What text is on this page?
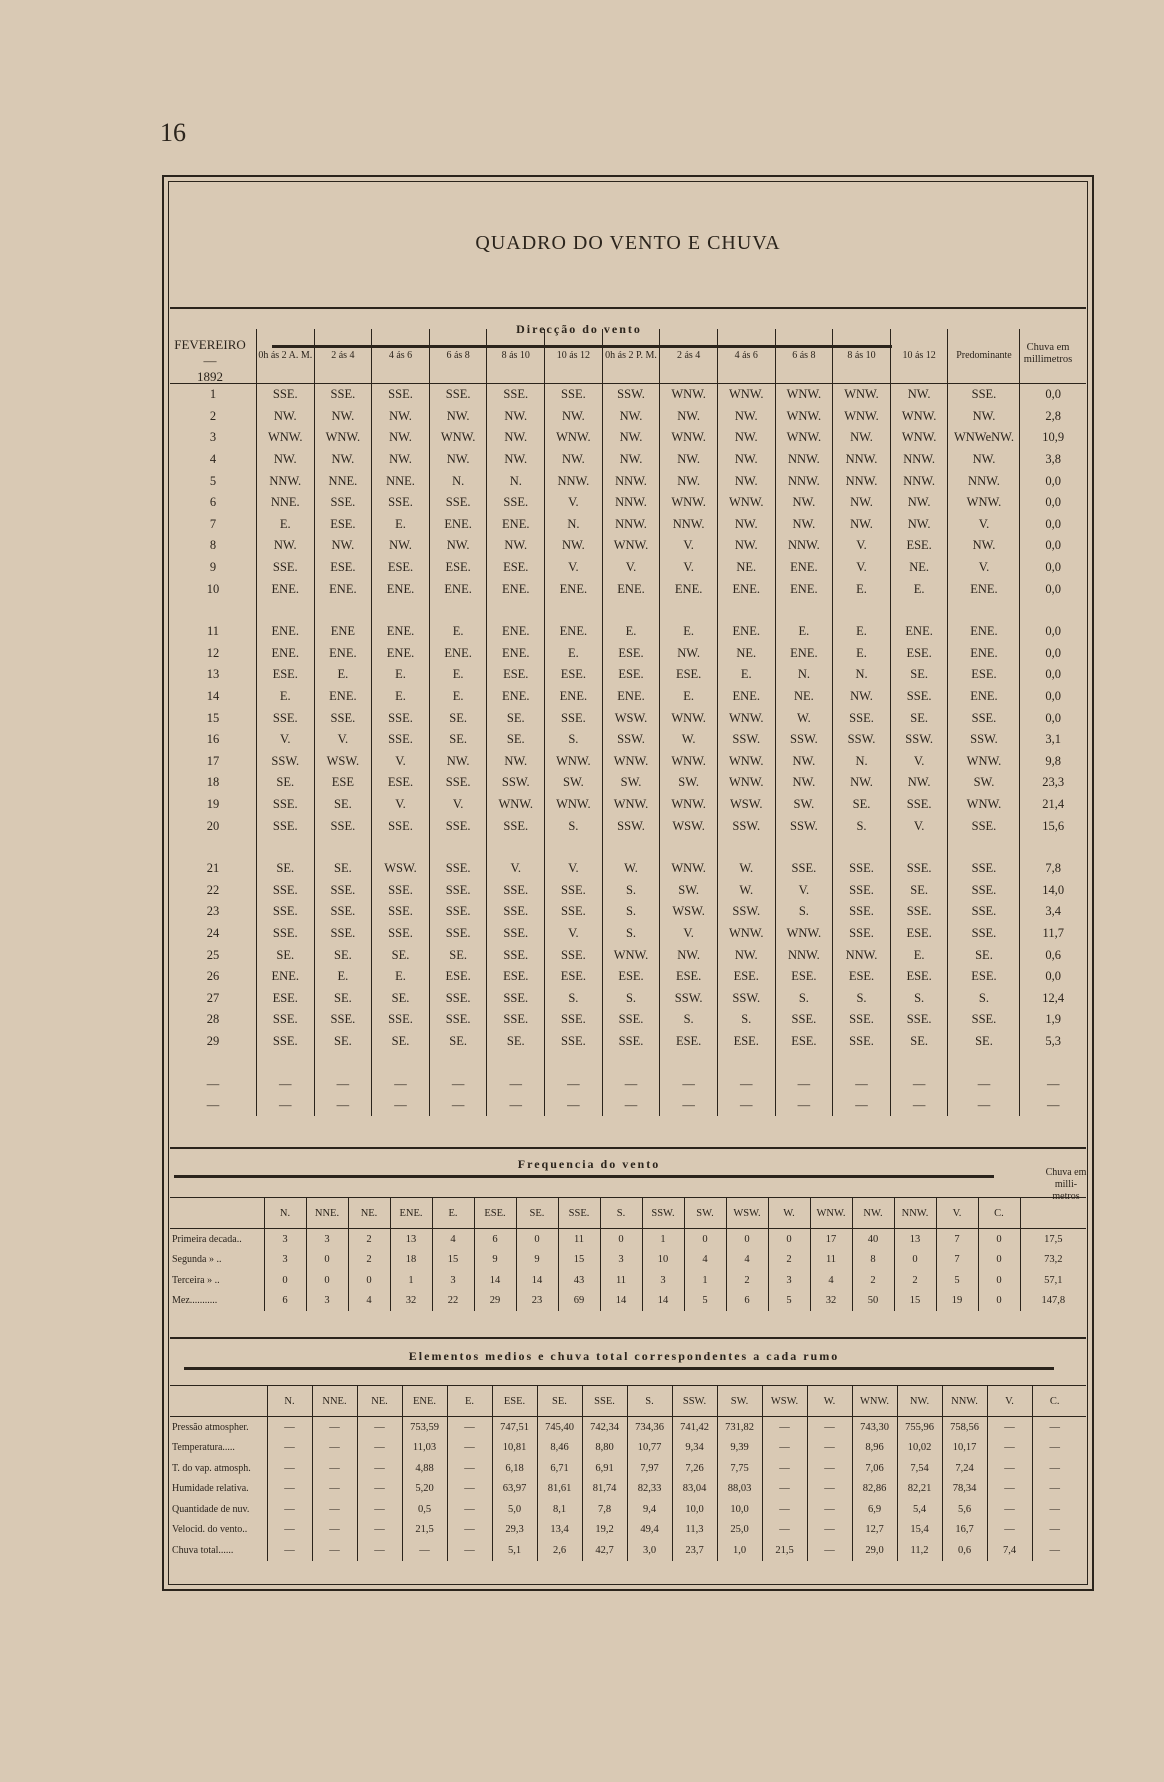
16
QUADRO DO VENTO E CHUVA
FEVEREIRO
—
1892
Direcção do vento
Chuva em millimetros
	0h ás 2 A. M.	2 ás 4	4 ás 6	6 ás 8	8 ás 10	10 ás 12	0h ás 2 P. M.	2 ás 4	4 ás 6	6 ás 8	8 ás 10	10 ás 12	Predominante	
1	SSE.	SSE.	SSE.	SSE.	SSE.	SSE.	SSW.	WNW.	WNW.	WNW.	WNW.	NW.	SSE.	0,0
2	NW.	NW.	NW.	NW.	NW.	NW.	NW.	NW.	NW.	WNW.	WNW.	WNW.	NW.	2,8
3	WNW.	WNW.	NW.	WNW.	NW.	WNW.	NW.	WNW.	NW.	WNW.	NW.	WNW.	WNWeNW.	10,9
4	NW.	NW.	NW.	NW.	NW.	NW.	NW.	NW.	NW.	NNW.	NNW.	NNW.	NW.	3,8
5	NNW.	NNE.	NNE.	N.	N.	NNW.	NNW.	NW.	NW.	NNW.	NNW.	NNW.	NNW.	0,0
6	NNE.	SSE.	SSE.	SSE.	SSE.	V.	NNW.	WNW.	WNW.	NW.	NW.	NW.	WNW.	0,0
7	E.	ESE.	E.	ENE.	ENE.	N.	NNW.	NNW.	NW.	NW.	NW.	NW.	V.	0,0
8	NW.	NW.	NW.	NW.	NW.	NW.	WNW.	V.	NW.	NNW.	V.	ESE.	NW.	0,0
9	SSE.	ESE.	ESE.	ESE.	ESE.	V.	V.	V.	NE.	ENE.	V.	NE.	V.	0,0
10	ENE.	ENE.	ENE.	ENE.	ENE.	ENE.	ENE.	ENE.	ENE.	ENE.	E.	E.	ENE.	0,0

11	ENE.	ENE	ENE.	E.	ENE.	ENE.	E.	E.	ENE.	E.	E.	ENE.	ENE.	0,0
12	ENE.	ENE.	ENE.	ENE.	ENE.	E.	ESE.	NW.	NE.	ENE.	E.	ESE.	ENE.	0,0
13	ESE.	E.	E.	E.	ESE.	ESE.	ESE.	ESE.	E.	N.	N.	SE.	ESE.	0,0
14	E.	ENE.	E.	E.	ENE.	ENE.	ENE.	E.	ENE.	NE.	NW.	SSE.	ENE.	0,0
15	SSE.	SSE.	SSE.	SE.	SE.	SSE.	WSW.	WNW.	WNW.	W.	SSE.	SE.	SSE.	0,0
16	V.	V.	SSE.	SE.	SE.	S.	SSW.	W.	SSW.	SSW.	SSW.	SSW.	SSW.	3,1
17	SSW.	WSW.	V.	NW.	NW.	WNW.	WNW.	WNW.	WNW.	NW.	N.	V.	WNW.	9,8
18	SE.	ESE	ESE.	SSE.	SSW.	SW.	SW.	SW.	WNW.	NW.	NW.	NW.	SW.	23,3
19	SSE.	SE.	V.	V.	WNW.	WNW.	WNW.	WNW.	WSW.	SW.	SE.	SSE.	WNW.	21,4
20	SSE.	SSE.	SSE.	SSE.	SSE.	S.	SSW.	WSW.	SSW.	SSW.	S.	V.	SSE.	15,6

21	SE.	SE.	WSW.	SSE.	V.	V.	W.	WNW.	W.	SSE.	SSE.	SSE.	SSE.	7,8
22	SSE.	SSE.	SSE.	SSE.	SSE.	SSE.	S.	SW.	W.	V.	SSE.	SE.	SSE.	14,0
23	SSE.	SSE.	SSE.	SSE.	SSE.	SSE.	S.	WSW.	SSW.	S.	SSE.	SSE.	SSE.	3,4
24	SSE.	SSE.	SSE.	SSE.	SSE.	V.	S.	V.	WNW.	WNW.	SSE.	ESE.	SSE.	11,7
25	SE.	SE.	SE.	SE.	SSE.	SSE.	WNW.	NW.	NW.	NNW.	NNW.	E.	SE.	0,6
26	ENE.	E.	E.	ESE.	ESE.	ESE.	ESE.	ESE.	ESE.	ESE.	ESE.	ESE.	ESE.	0,0
27	ESE.	SE.	SE.	SSE.	SSE.	S.	S.	SSW.	SSW.	S.	S.	S.	S.	12,4
28	SSE.	SSE.	SSE.	SSE.	SSE.	SSE.	SSE.	S.	S.	SSE.	SSE.	SSE.	SSE.	1,9
29	SSE.	SE.	SE.	SE.	SE.	SSE.	SSE.	ESE.	ESE.	ESE.	SSE.	SE.	SE.	5,3

—	—	—	—	—	—	—	—	—	—	—	—	—	—	—
—	—	—	—	—	—	—	—	—	—	—	—	—	—	—
Frequencia do vento
Chuva em milli- metros
	N.	NNE.	NE.	ENE.	E.	ESE.	SE.	SSE.	S.	SSW.	SW.	WSW.	W.	WNW.	NW.	NNW.	V.	C.	
Primeira decada..	3	3	2	13	4	6	0	11	0	1	0	0	0	17	40	13	7	0	17,5
Segunda » ..	3	0	2	18	15	9	9	15	3	10	4	4	2	11	8	0	7	0	73,2
Terceira » ..	0	0	0	1	3	14	14	43	11	3	1	2	3	4	2	2	5	0	57,1
Mez...........	6	3	4	32	22	29	23	69	14	14	5	6	5	32	50	15	19	0	147,8
Elementos medios e chuva total correspondentes a cada rumo
	N.	NNE.	NE.	ENE.	E.	ESE.	SE.	SSE.	S.	SSW.	SW.	WSW.	W.	WNW.	NW.	NNW.	V.	C.	
Pressão atmospher.	—	—	—	753,59	—	747,51	745,40	742,34	734,36	741,42	731,82	—	—	743,30	755,96	758,56	—	—	
Temperatura.....	—	—	—	11,03	—	10,81	8,46	8,80	10,77	9,34	9,39	—	—	8,96	10,02	10,17	—	—	
T. do vap. atmosph.	—	—	—	4,88	—	6,18	6,71	6,91	7,97	7,26	7,75	—	—	7,06	7,54	7,24	—	—	
Humidade relativa.	—	—	—	5,20	—	63,97	81,61	81,74	82,33	83,04	88,03	—	—	82,86	82,21	78,34	—	—	
Quantidade de nuv.	—	—	—	0,5	—	5,0	8,1	7,8	9,4	10,0	10,0	—	—	6,9	5,4	5,6	—	—	
Velocid. do vento..	—	—	—	21,5	—	29,3	13,4	19,2	49,4	11,3	25,0	—	—	12,7	15,4	16,7	—	—	
Chuva total......	—	—	—	—	—	5,1	2,6	42,7	3,0	23,7	1,0	21,5	—	29,0	11,2	0,6	7,4	—	
